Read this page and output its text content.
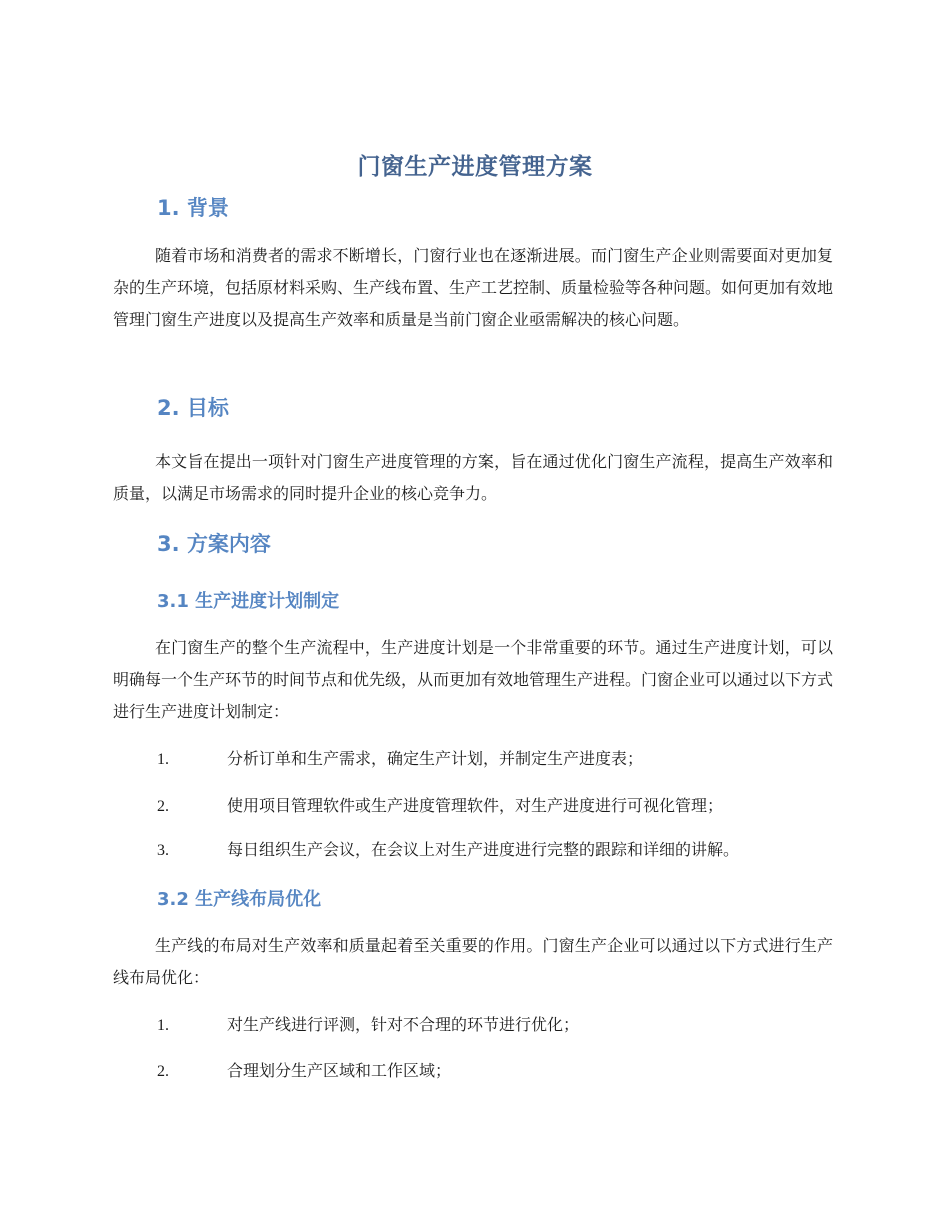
门窗生产进度管理方案
1. 背景

随着市场和消费者的需求不断增长，门窗行业也在逐渐进展。而门窗生产企业则需要面对更加复杂的生产环境，包括原材料采购、生产线布置、生产工艺控制、质量检验等各种问题。如何更加有效地管理门窗生产进度以及提高生产效率和质量是当前门窗企业亟需解决的核心问题。

2. 目标

本文旨在提出一项针对门窗生产进度管理的方案，旨在通过优化门窗生产流程，提高生产效率和质量，以满足市场需求的同时提升企业的核心竞争力。

3. 方案内容
3.1 生产进度计划制定

在门窗生产的整个生产流程中，生产进度计划是一个非常重要的环节。通过生产进度计划，可以明确每一个生产环节的时间节点和优先级，从而更加有效地管理生产进程。门窗企业可以通过以下方式进行生产进度计划制定：

1.	分析订单和生产需求，确定生产计划，并制定生产进度表；
2.	使用项目管理软件或生产进度管理软件，对生产进度进行可视化管理；
3.	每日组织生产会议，在会议上对生产进度进行完整的跟踪和详细的讲解。
3.2 生产线布局优化

生产线的布局对生产效率和质量起着至关重要的作用。门窗生产企业可以通过以下方式进行生产线布局优化：

1.	对生产线进行评测，针对不合理的环节进行优化；
2.	合理划分生产区域和工作区域；
